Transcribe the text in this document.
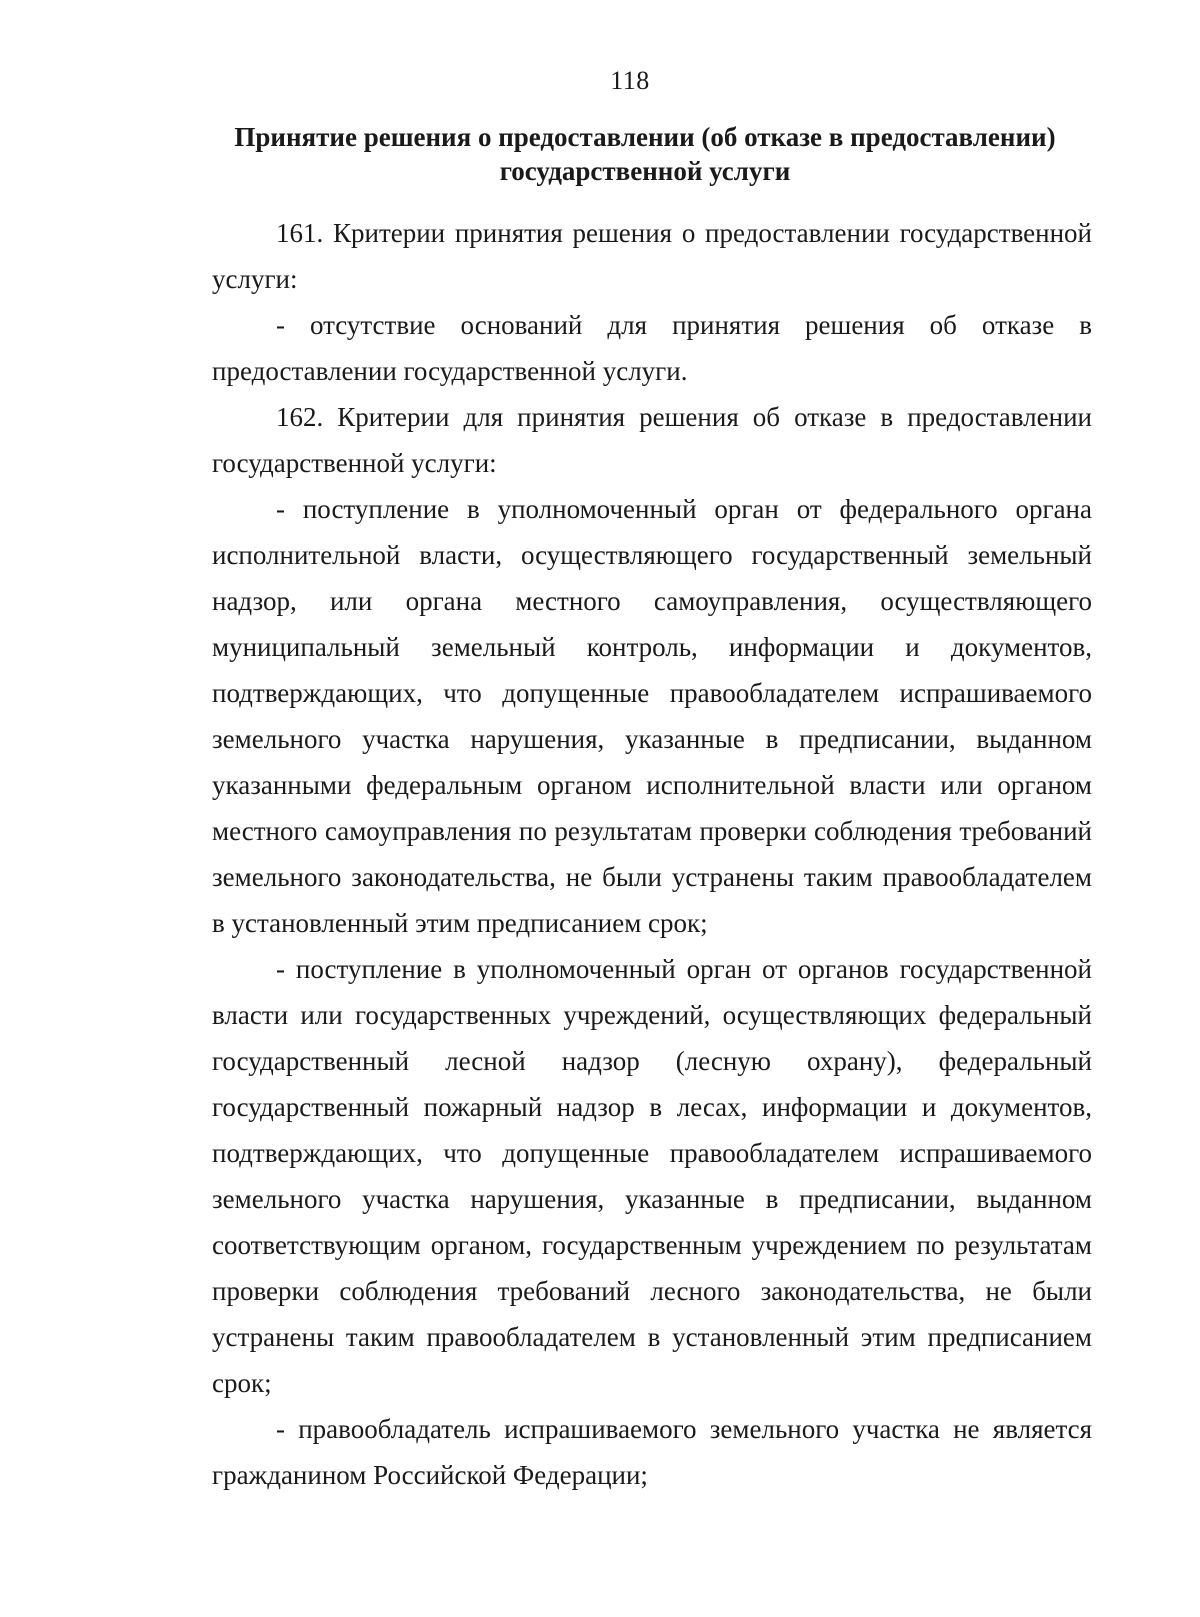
118
Принятие решения о предоставлении (об отказе в предоставлении)
государственной услуги

161. Критерии принятия решения о предоставлении государственной услуги:

- отсутствие оснований для принятия решения об отказе в предоставлении государственной услуги.

162. Критерии для принятия решения об отказе в предоставлении государственной услуги:

- поступление в уполномоченный орган от федерального органа исполнительной власти, осуществляющего государственный земельный надзор, или органа местного самоуправления, осуществляющего муниципальный земельный контроль, информации и документов, подтверждающих, что допущенные правообладателем испрашиваемого земельного участка нарушения, указанные в предписании, выданном указанными федеральным органом исполнительной власти или органом местного самоуправления по результатам проверки соблюдения требований земельного законодательства, не были устранены таким правообладателем в установленный этим предписанием срок;

- поступление в уполномоченный орган от органов государственной власти или государственных учреждений, осуществляющих федеральный государственный лесной надзор (лесную охрану), федеральный государственный пожарный надзор в лесах, информации и документов, подтверждающих, что допущенные правообладателем испрашиваемого земельного участка нарушения, указанные в предписании, выданном соответствующим органом, государственным учреждением по результатам проверки соблюдения требований лесного законодательства, не были устранены таким правообладателем в установленный этим предписанием срок;

- правообладатель испрашиваемого земельного участка не является гражданином Российской Федерации;
